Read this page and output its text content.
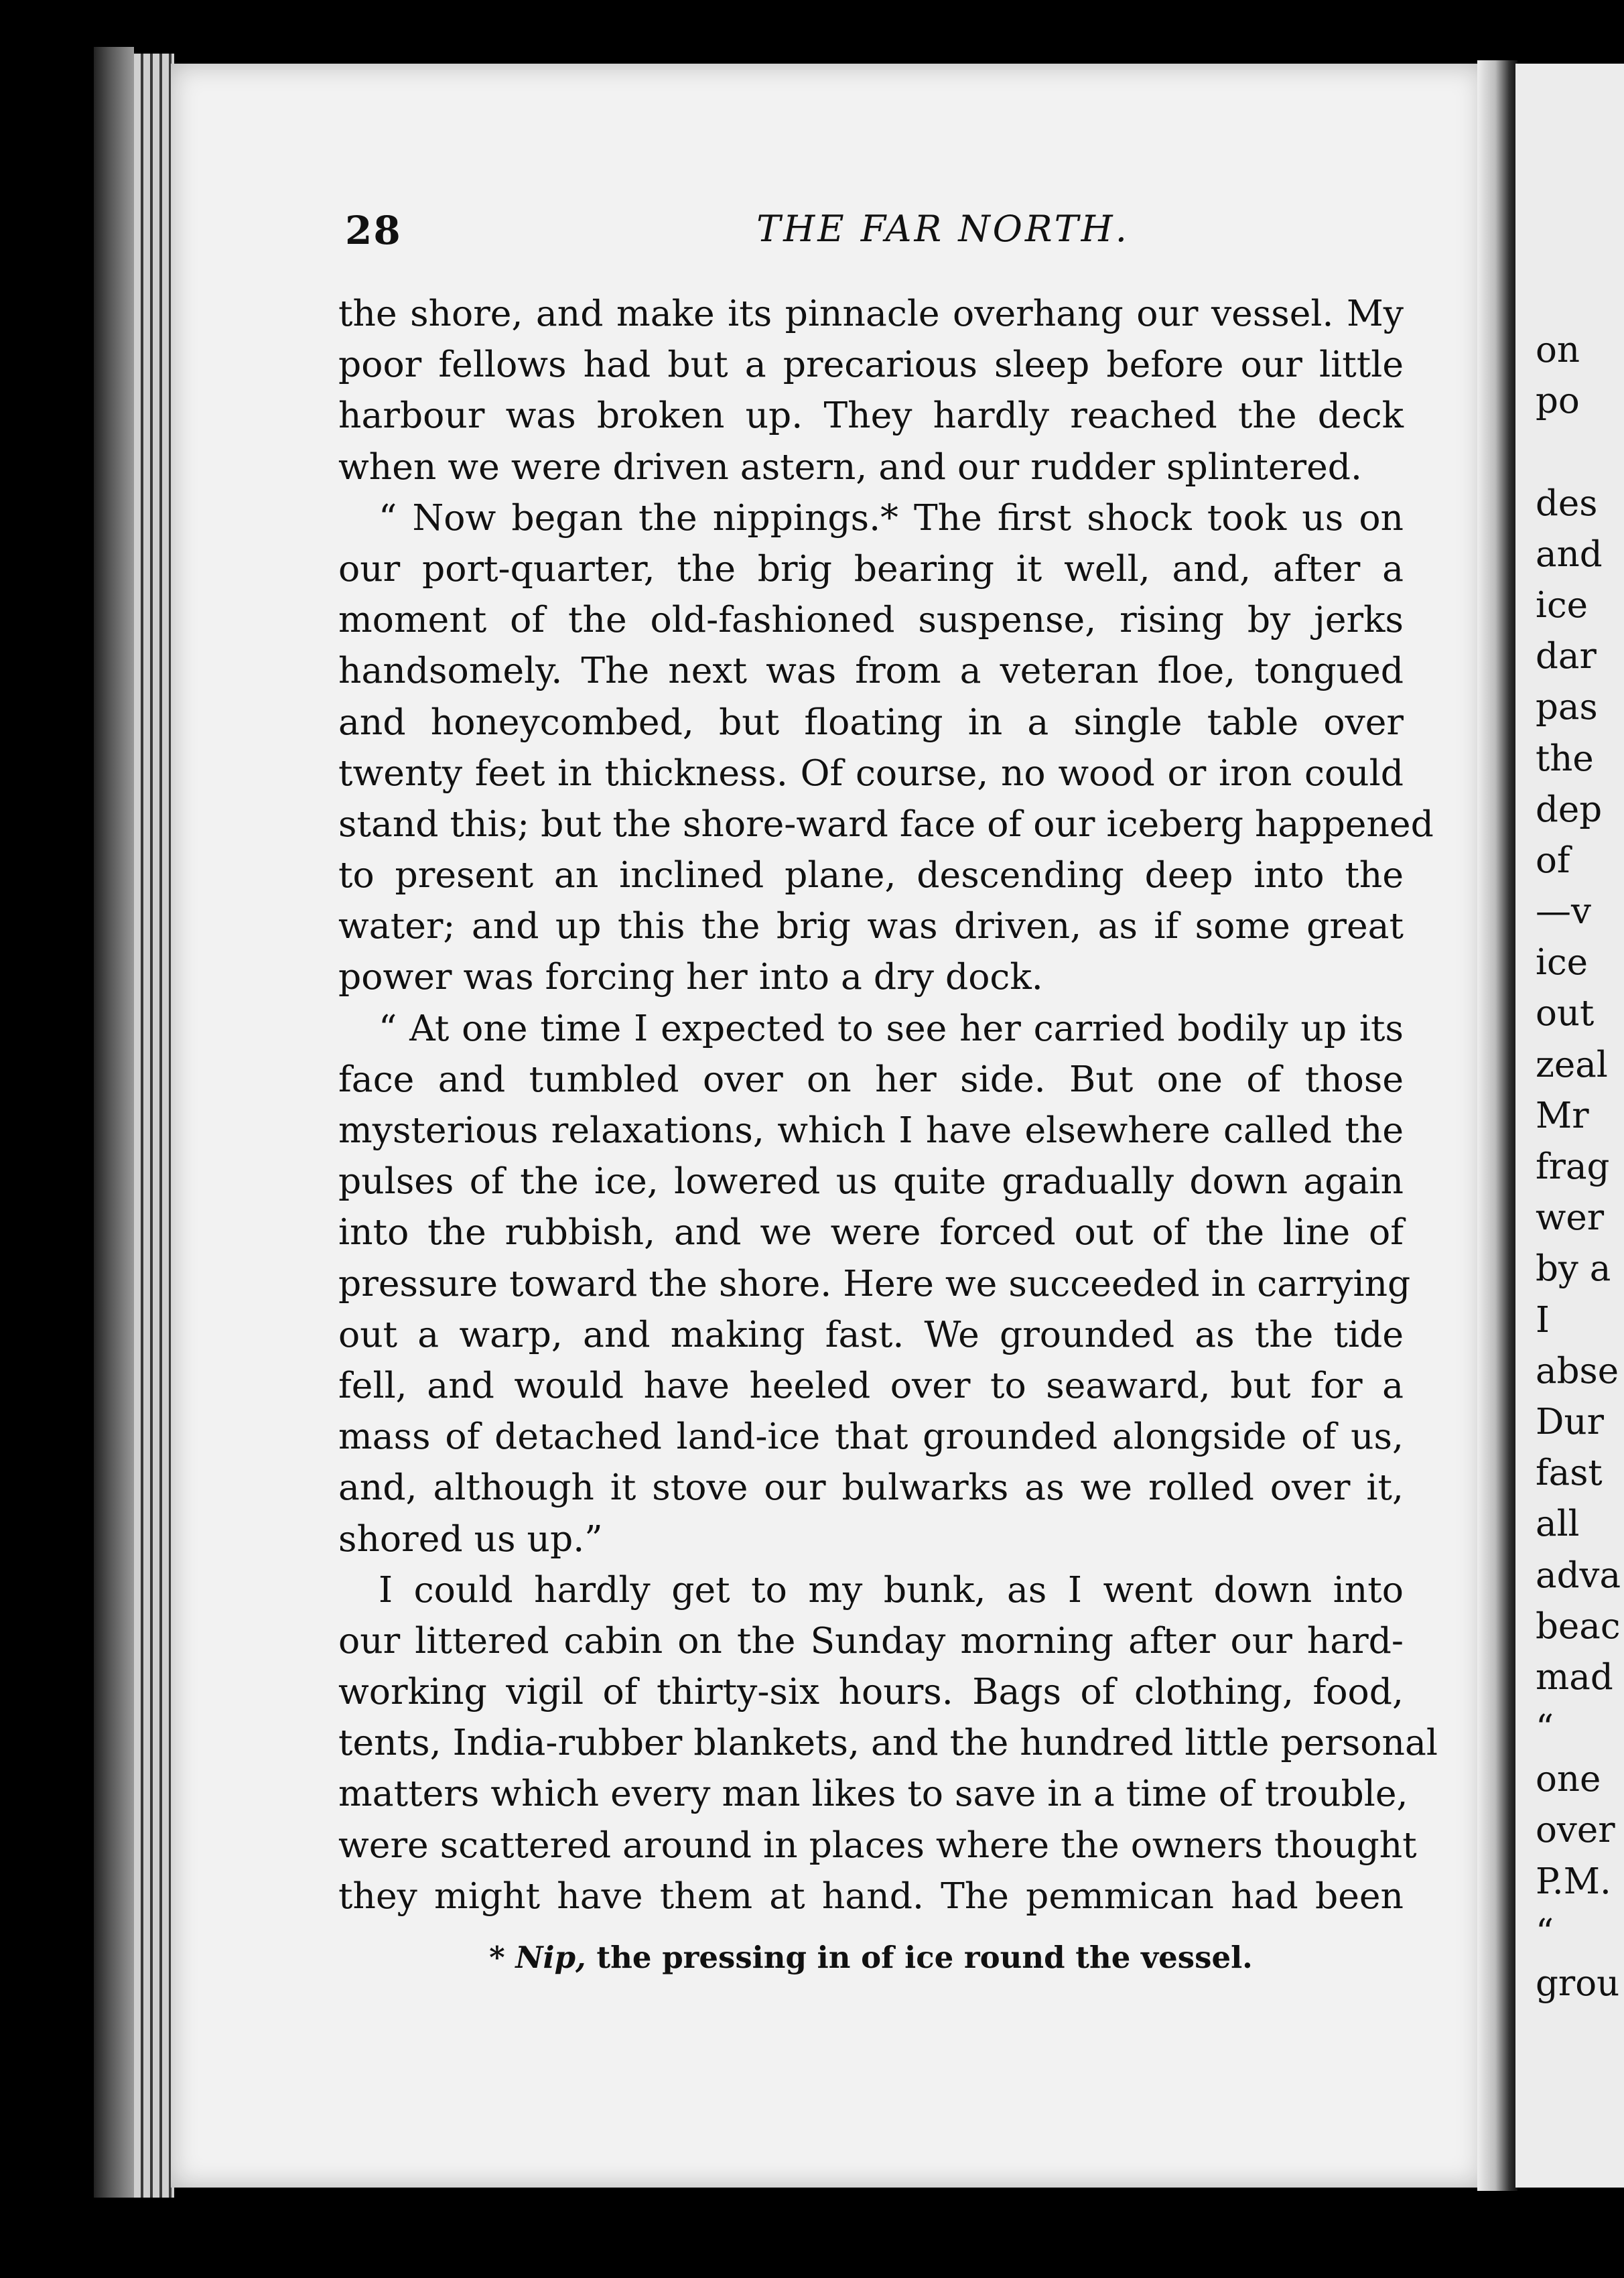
28	THE FAR NORTH.
the shore, and make its pinnacle overhang our vessel. My
poor fellows had but a precarious sleep before our little
harbour was broken up. They hardly reached the deck
when we were driven astern, and our rudder splintered.
“ Now began the nippings.* The first shock took us on
our port-quarter, the brig bearing it well, and, after a
moment of the old-fashioned suspense, rising by jerks
handsomely. The next was from a veteran floe, tongued
and honeycombed, but floating in a single table over
twenty feet in thickness. Of course, no wood or iron could
stand this; but the shore-ward face of our iceberg happened
to present an inclined plane, descending deep into the
water; and up this the brig was driven, as if some great
power was forcing her into a dry dock.
“ At one time I expected to see her carried bodily up its
face and tumbled over on her side. But one of those
mysterious relaxations, which I have elsewhere called the
pulses of the ice, lowered us quite gradually down again
into the rubbish, and we were forced out of the line of
pressure toward the shore. Here we succeeded in carrying
out a warp, and making fast. We grounded as the tide
fell, and would have heeled over to seaward, but for a
mass of detached land-ice that grounded alongside of us,
and, although it stove our bulwarks as we rolled over it,
shored us up.”
I could hardly get to my bunk, as I went down into
our littered cabin on the Sunday morning after our hard-
working vigil of thirty-six hours. Bags of clothing, food,
tents, India-rubber blankets, and the hundred little personal
matters which every man likes to save in a time of trouble,
were scattered around in places where the owners thought
they might have them at hand. The pemmican had been
* Nip, the pressing in of ice round the vessel.
on
po
des
and
ice
dar
pas
the
dep
of
—v
ice
out
zeal
Mr
frag
wer
by a
I
abse
Dur
fast
all
adva
beac
mad
“
one
over
P.M.
“
grou
